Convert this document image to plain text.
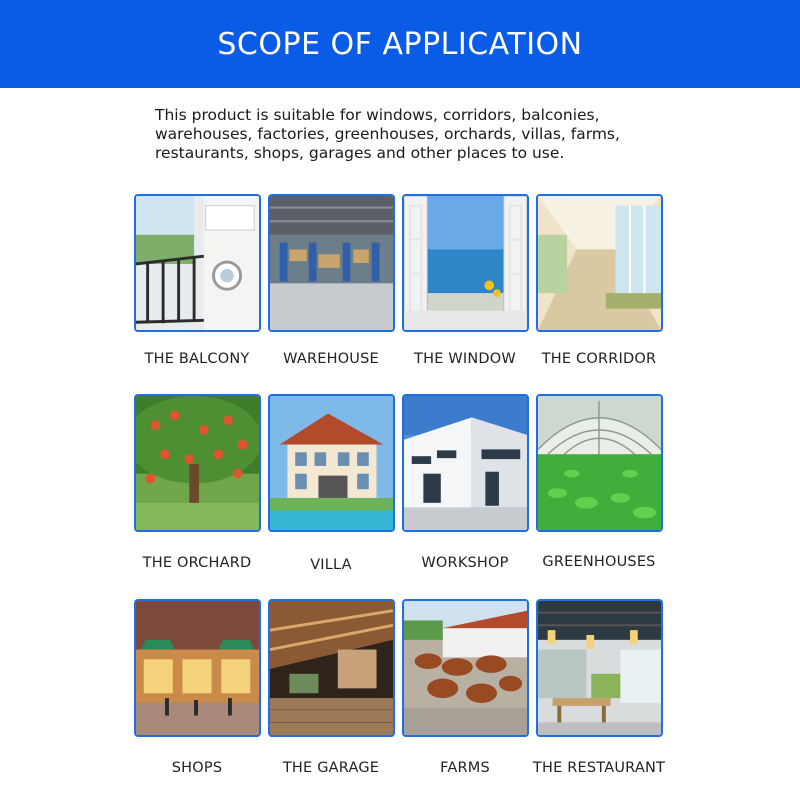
SCOPE OF APPLICATION
This product is suitable for windows, corridors, balconies,
warehouses, factories, greenhouses, orchards, villas, farms,
restaurants, shops, garages and other places to use.
THE BALCONY	WAREHOUSE	THE WINDOW	THE CORRIDOR
THE ORCHARD	VILLA	WORKSHOP	GREENHOUSES
SHOPS	THE GARAGE	FARMS	THE RESTAURANT
